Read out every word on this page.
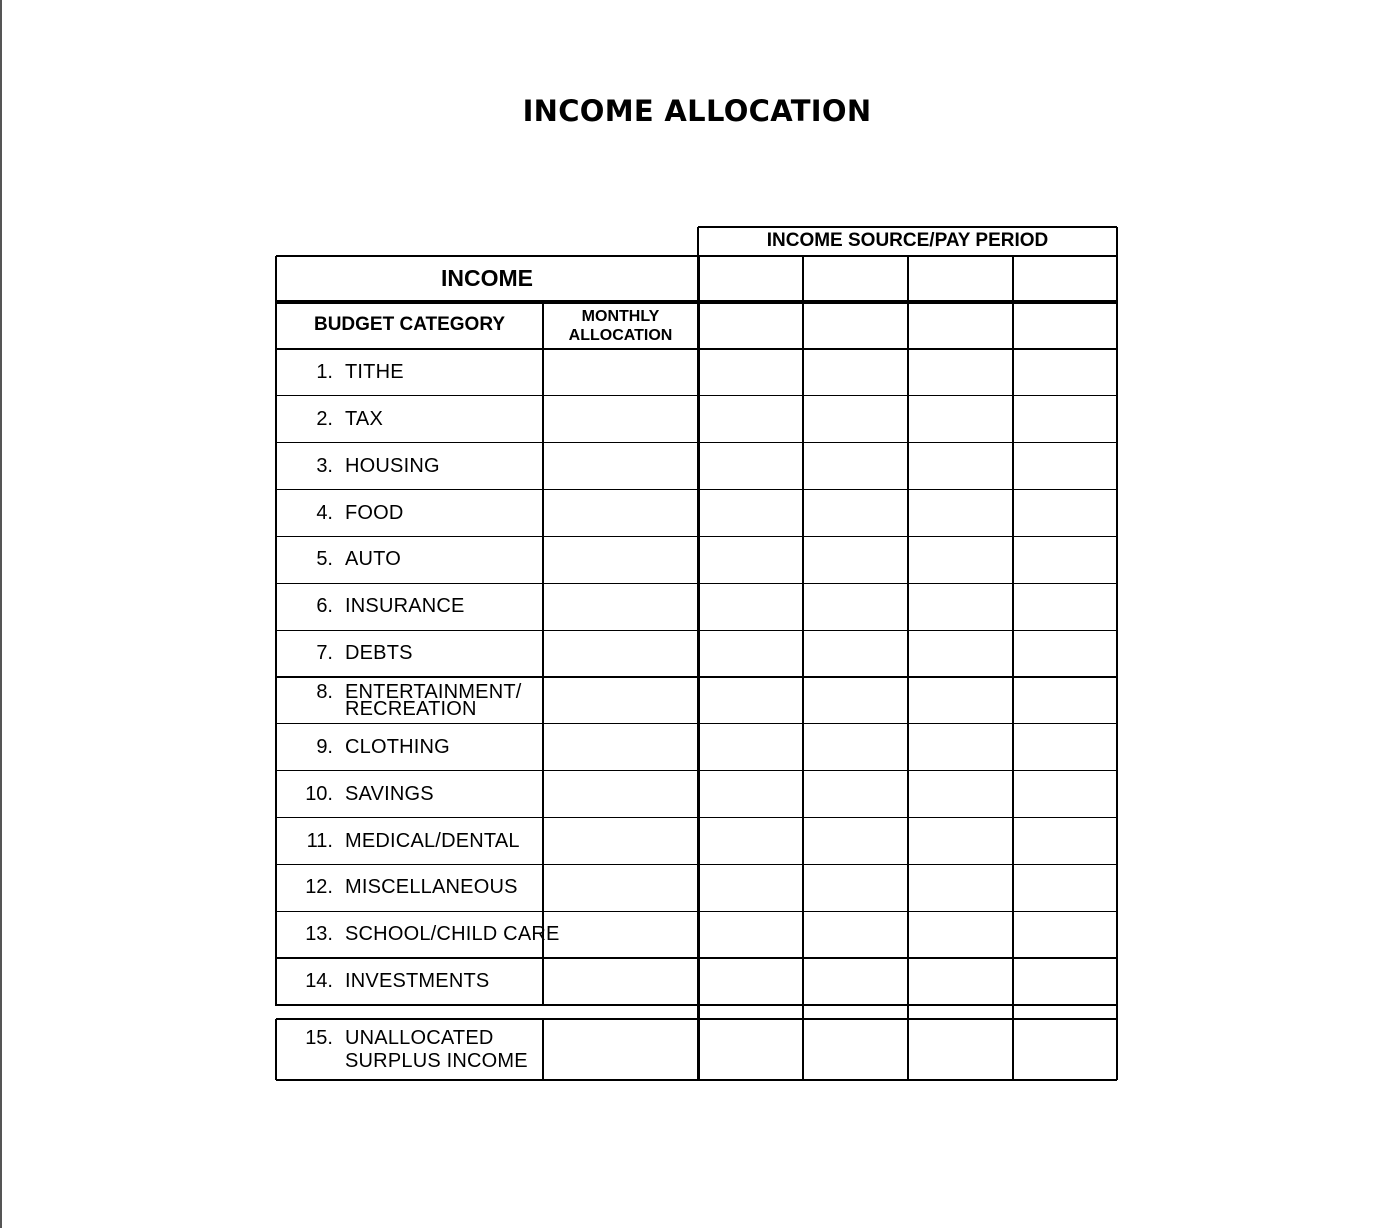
INCOME ALLOCATION
INCOME SOURCE/PAY PERIOD
INCOME
BUDGET CATEGORY	MONTHLY
ALLOCATION
1. TITHE
2. TAX
3. HOUSING
4. FOOD
5. AUTO
6. INSURANCE
7. DEBTS
8. ENTERTAINMENT/
RECREATION
9. CLOTHING
10. SAVINGS
11. MEDICAL/DENTAL
12. MISCELLANEOUS
13. SCHOOL/CHILD CARE
14. INVESTMENTS
15. UNALLOCATED
SURPLUS INCOME
